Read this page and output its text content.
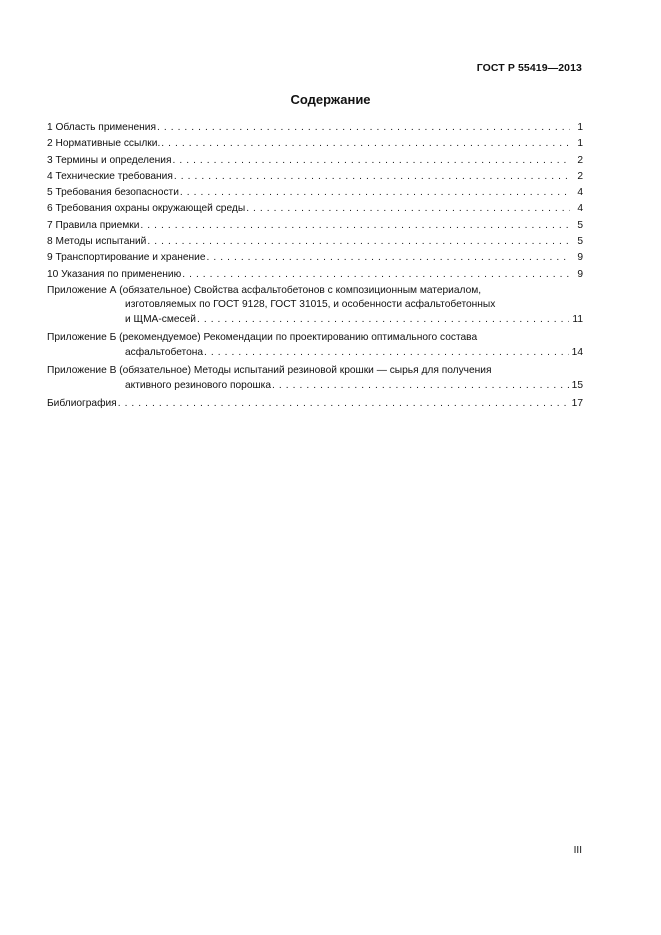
ГОСТ Р 55419—2013
Содержание
1 Область применения . . .	1
2 Нормативные ссылки. . . .	1
3 Термины и определения . . .	2
4 Технические требования . . .	2
5 Требования безопасности . . .	4
6 Требования охраны окружающей среды . . .	4
7 Правила приемки . . .	5
8 Методы испытаний . . .	5
9 Транспортирование и хранение . . .	9
10 Указания по применению . . .	9
Приложение А (обязательное) Свойства асфальтобетонов с композиционным материалом,
изготовляемых по ГОСТ 9128, ГОСТ 31015, и особенности асфальтобетонных
и ЩМА-смесей . . .	11
Приложение Б (рекомендуемое) Рекомендации по проектированию оптимального состава
асфальтобетона . . .	14
Приложение В (обязательное) Методы испытаний резиновой крошки — сырья для получения
активного резинового порошка . . .	15
Библиография . . .	17
III
